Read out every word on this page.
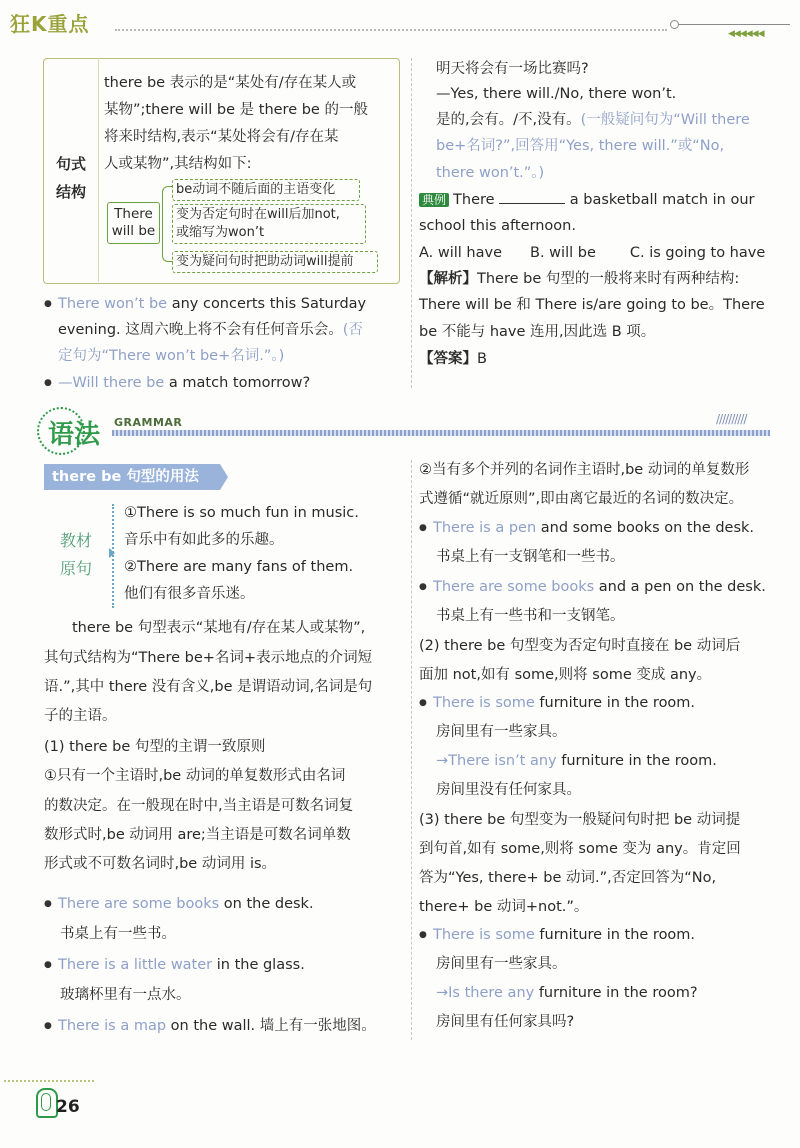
狂K重点	◀◀◀◀◀◀
句式
结构
there be 表示的是“某处有/存在某人或
某物”;there will be 是 there be 的一般
将来时结构,表示“某处将会有/存在某
人或某物”,其结构如下:
There
will be
be动词不随后面的主语变化
变为否定句时在will后加not,
或缩写为won’t
变为疑问句时把助动词will提前
●There won’t be any concerts this Saturday
evening. 这周六晚上将不会有任何音乐会。(否
定句为“There won’t be+名词.”。)
●—Will there be a match tomorrow?
明天将会有一场比赛吗?
—Yes, there will./No, there won’t.
是的,会有。/不,没有。(一般疑问句为“Will there
be+名词?”,回答用“Yes, there will.”或“No,
there won’t.”。)
典例 There	a basketball match in our
school this afternoon.
A. will have B. will be C. is going to have
【解析】There be 句型的一般将来时有两种结构:
There will be 和 There is/are going to be。There
be 不能与 have 连用,因此选 B 项。
【答案】B
语法 GRAMMAR	//////////
there be 句型的用法
教材
原句
①There is so much fun in music.
音乐中有如此多的乐趣。
②There are many fans of them.
他们有很多音乐迷。
there be 句型表示“某地有/存在某人或某物”,
其句式结构为“There be+名词+表示地点的介词短
语.”,其中 there 没有含义,be 是谓语动词,名词是句
子的主语。
(1) there be 句型的主谓一致原则
①只有一个主语时,be 动词的单复数形式由名词
的数决定。在一般现在时中,当主语是可数名词复
数形式时,be 动词用 are;当主语是可数名词单数
形式或不可数名词时,be 动词用 is。
●There are some books on the desk.
书桌上有一些书。
●There is a little water in the glass.
玻璃杯里有一点水。
●There is a map on the wall. 墙上有一张地图。
②当有多个并列的名词作主语时,be 动词的单复数形
式遵循“就近原则”,即由离它最近的名词的数决定。
●There is a pen and some books on the desk.
书桌上有一支钢笔和一些书。
●There are some books and a pen on the desk.
书桌上有一些书和一支钢笔。
(2) there be 句型变为否定句时直接在 be 动词后
面加 not,如有 some,则将 some 变成 any。
●There is some furniture in the room.
房间里有一些家具。
→There isn’t any furniture in the room.
房间里没有任何家具。
(3) there be 句型变为一般疑问句时把 be 动词提
到句首,如有 some,则将 some 变为 any。肯定回
答为“Yes, there+ be 动词.”,否定回答为“No,
there+ be 动词+not.”。
●There is some furniture in the room.
房间里有一些家具。
→Is there any furniture in the room?
房间里有任何家具吗?
26
